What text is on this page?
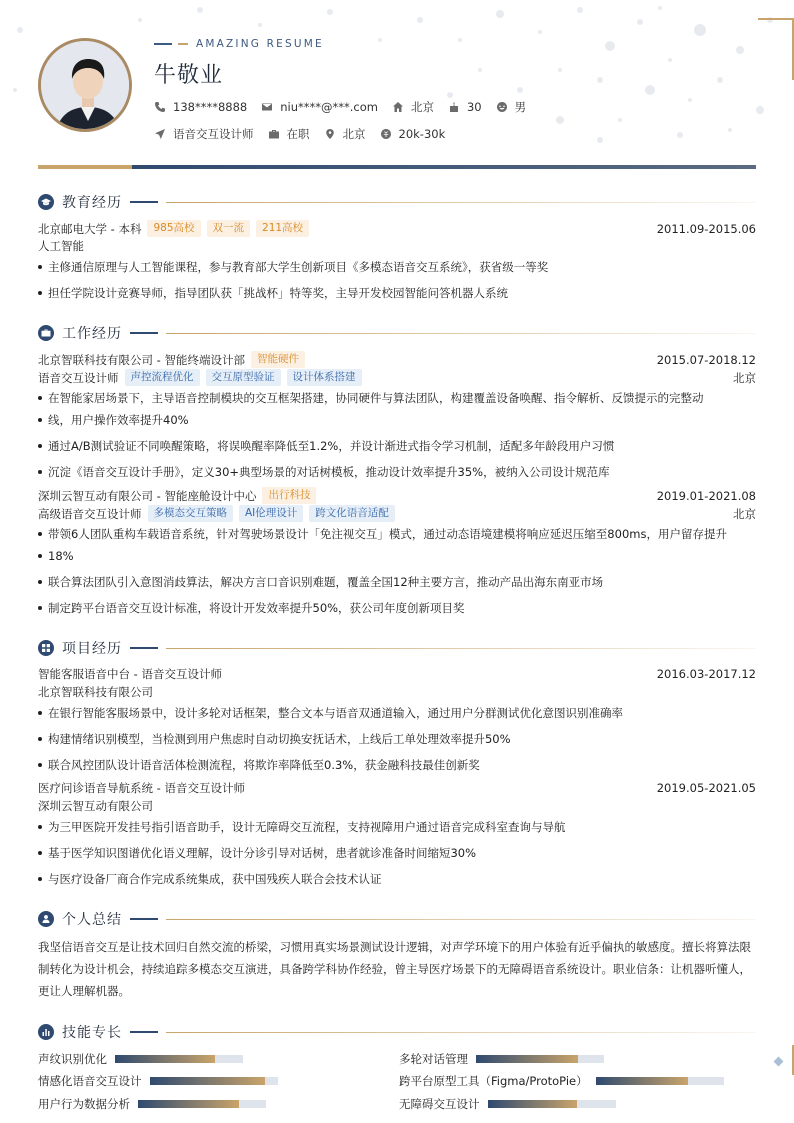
AMAZING RESUME
牛敬业
138****8888	niu****@***.com	北京	30	男
语音交互设计师	在职	北京	20k-30k
教育经历
北京邮电大学 - 本科	985高校	双一流	211高校	2011.09-2015.06
人工智能
主修通信原理与人工智能课程，参与教育部大学生创新项目《多模态语音交互系统》，获省级一等奖
担任学院设计竞赛导师，指导团队获「挑战杯」特等奖，主导开发校园智能问答机器人系统
工作经历
北京智联科技有限公司 - 智能终端设计部	智能硬件	2015.07-2018.12
语音交互设计师	声控流程优化	交互原型验证	设计体系搭建	北京
在智能家居场景下，主导语音控制模块的交互框架搭建，协同硬件与算法团队，构建覆盖设备唤醒、指令解析、反馈提示的完整动
线，用户操作效率提升40%
通过A/B测试验证不同唤醒策略，将误唤醒率降低至1.2%，并设计渐进式指令学习机制，适配多年龄段用户习惯
沉淀《语音交互设计手册》，定义30+典型场景的对话树模板，推动设计效率提升35%，被纳入公司设计规范库
深圳云智互动有限公司 - 智能座舱设计中心	出行科技	2019.01-2021.08
高级语音交互设计师	多模态交互策略	AI伦理设计	跨文化语音适配	北京
带领6人团队重构车载语音系统，针对驾驶场景设计「免注视交互」模式，通过动态语境建模将响应延迟压缩至800ms，用户留存提升
18%
联合算法团队引入意图消歧算法，解决方言口音识别难题，覆盖全国12种主要方言，推动产品出海东南亚市场
制定跨平台语音交互设计标准，将设计开发效率提升50%，获公司年度创新项目奖
项目经历
智能客服语音中台 - 语音交互设计师	2016.03-2017.12
北京智联科技有限公司
在银行智能客服场景中，设计多轮对话框架，整合文本与语音双通道输入，通过用户分群测试优化意图识别准确率
构建情绪识别模型，当检测到用户焦虑时自动切换安抚话术，上线后工单处理效率提升50%
联合风控团队设计语音活体检测流程，将欺诈率降低至0.3%，获金融科技最佳创新奖
医疗问诊语音导航系统 - 语音交互设计师	2019.05-2021.05
深圳云智互动有限公司
为三甲医院开发挂号指引语音助手，设计无障碍交互流程，支持视障用户通过语音完成科室查询与导航
基于医学知识图谱优化语义理解，设计分诊引导对话树，患者就诊准备时间缩短30%
与医疗设备厂商合作完成系统集成，获中国残疾人联合会技术认证
个人总结
我坚信语音交互是让技术回归自然交流的桥梁，习惯用真实场景测试设计逻辑，对声学环境下的用户体验有近乎偏执的敏感度。擅长将算法限制转化为设计机会，持续追踪多模态交互演进，具备跨学科协作经验，曾主导医疗场景下的无障碍语音系统设计。职业信条：让机器听懂人，更让人理解机器。
技能专长
声纹识别优化	多轮对话管理
情感化语音交互设计	跨平台原型工具（Figma/ProtoPie）
用户行为数据分析	无障碍交互设计
